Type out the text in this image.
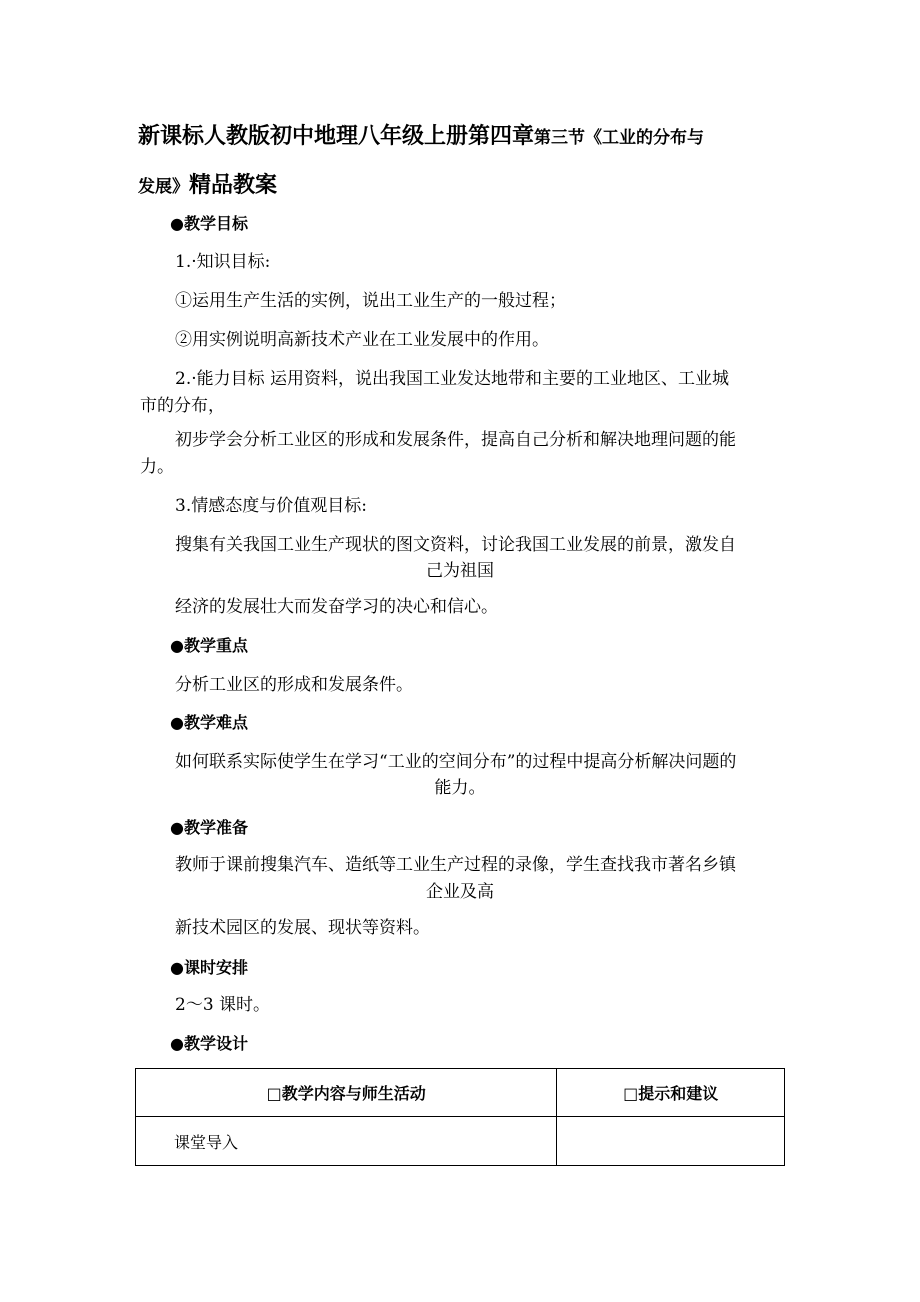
新课标人教版初中地理八年级上册第四章第三节《工业的分布与
发展》精品教案
●教学目标
1.·知识目标:
①运用生产生活的实例，说出工业生产的一般过程；
②用实例说明高新技术产业在工业发展中的作用。
2.·能力目标 运用资料，说出我国工业发达地带和主要的工业地区、工业城
市的分布，
初步学会分析工业区的形成和发展条件，提高自己分析和解决地理问题的能
力。
3.情感态度与价值观目标:
搜集有关我国工业生产现状的图文资料，讨论我国工业发展的前景，激发自
己为祖国
经济的发展壮大而发奋学习的决心和信心。
●教学重点
分析工业区的形成和发展条件。
●教学难点
如何联系实际使学生在学习“工业的空间分布”的过程中提高分析解决问题的
能力。
●教学准备
教师于课前搜集汽车、造纸等工业生产过程的录像，学生查找我市著名乡镇
企业及高
新技术园区的发展、现状等资料。
●课时安排
2～3 课时。
●教学设计
□教学内容与师生活动	□提示和建议
课堂导入	
